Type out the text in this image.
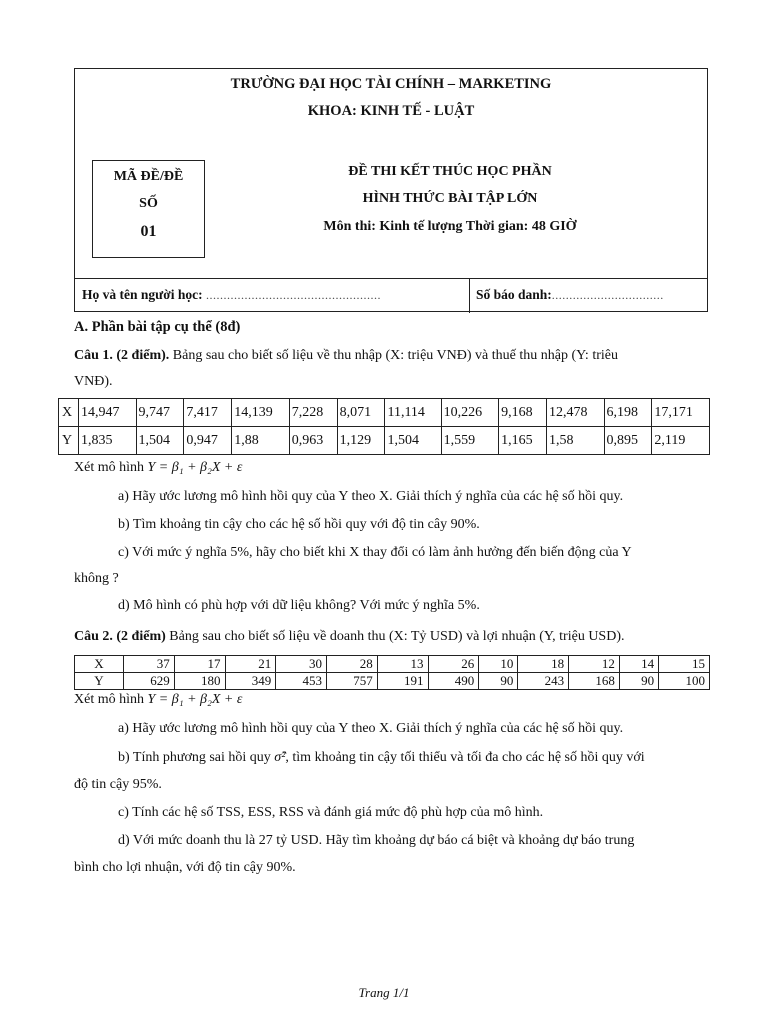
TRƯỜNG ĐẠI HỌC TÀI CHÍNH – MARKETING
KHOA: KINH TẾ - LUẬT
MÃ ĐỀ/ĐỀ
SỐ
01
ĐỀ THI KẾT THÚC HỌC PHẦN
HÌNH THỨC BÀI TẬP LỚN
Môn thi: Kinh tế lượng Thời gian: 48 GIỜ
Họ và tên người học: ..................................................	Số báo danh:................................
A. Phần bài tập cụ thể (8đ)
Câu 1. (2 điểm). Bảng sau cho biết số liệu về thu nhập (X: triệu VNĐ) và thuế thu nhập (Y: triêu
VNĐ).
X	14,947	9,747	7,417	14,139	7,228	8,071	11,114	10,226	9,168	12,478	6,198	17,171
Y	1,835	1,504	0,947	1,88	0,963	1,129	1,504	1,559	1,165	1,58	0,895	2,119
Xét mô hình Y = β₁ + β₂X + ε
a) Hãy ước lương mô hình hồi quy của Y theo X. Giải thích ý nghĩa của các hệ số hồi quy.
b) Tìm khoảng tin cậy cho các hệ số hồi quy với độ tin cây 90%.
c) Với mức ý nghĩa 5%, hãy cho biết khi X thay đổi có làm ảnh hưởng đến biến động của Y
không ?
d) Mô hình có phù hợp với dữ liệu không? Với mức ý nghĩa 5%.
Câu 2. (2 điểm) Bảng sau cho biết số liệu về doanh thu (X: Tỷ USD) và lợi nhuận (Y, triệu USD).
X	37	17	21	30	28	13	26	10	18	12	14	15
Y	629	180	349	453	757	191	490	90	243	168	90	100
Xét mô hình Y = β₁ + β₂X + ε
a) Hãy ước lương mô hình hồi quy của Y theo X. Giải thích ý nghĩa của các hệ số hồi quy.
b) Tính phương sai hồi quy σ̂², tìm khoảng tin cậy tối thiểu và tối đa cho các hệ số hồi quy với
độ tin cậy 95%.
c) Tính các hệ số TSS, ESS, RSS và đánh giá mức độ phù hợp của mô hình.
d) Với mức doanh thu là 27 tỷ USD. Hãy tìm khoảng dự báo cá biệt và khoảng dự báo trung
bình cho lợi nhuận, với độ tin cậy 90%.
Trang 1/1
